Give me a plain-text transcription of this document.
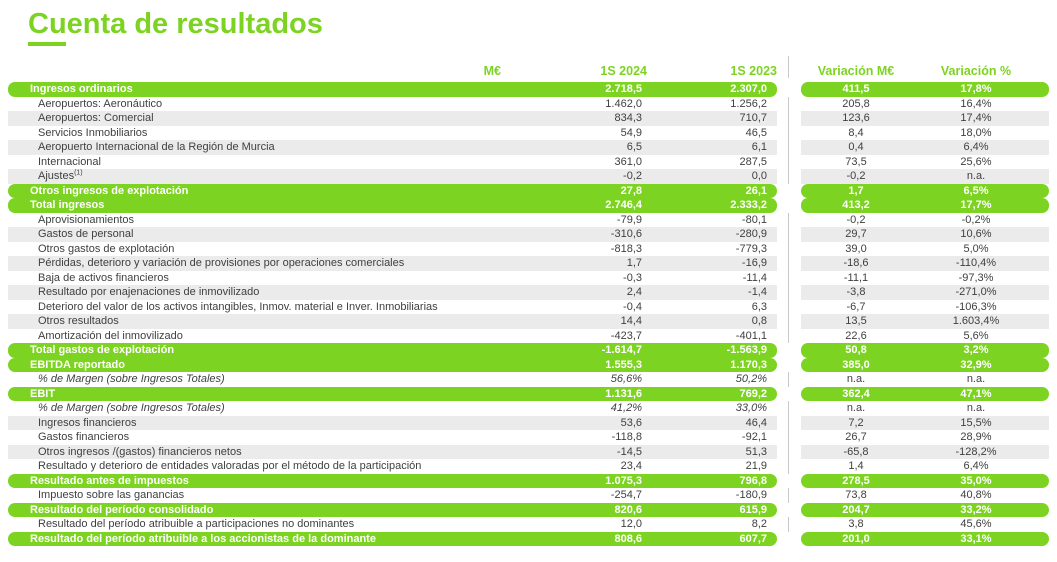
Cuenta de resultados
M€	1S 2024	1S 2023	Variación M€	Variación %
Ingresos ordinarios	2.718,5	2.307,0	411,5	17,8%
Aeropuertos: Aeronáutico	1.462,0	1.256,2	205,8	16,4%
Aeropuertos: Comercial	834,3	710,7	123,6	17,4%
Servicios Inmobiliarios	54,9	46,5	8,4	18,0%
Aeropuerto Internacional de la Región de Murcia	6,5	6,1	0,4	6,4%
Internacional	361,0	287,5	73,5	25,6%
Ajustes$^{(1)}$	-0,2	0,0	-0,2	n.a.
Otros ingresos de explotación	27,8	26,1	1,7	6,5%
Total ingresos	2.746,4	2.333,2	413,2	17,7%
Aprovisionamientos	-79,9	-80,1	-0,2	-0,2%
Gastos de personal	-310,6	-280,9	29,7	10,6%
Otros gastos de explotación	-818,3	-779,3	39,0	5,0%
Pérdidas, deterioro y variación de provisiones por operaciones comerciales	1,7	-16,9	-18,6	-110,4%
Baja de activos financieros	-0,3	-11,4	-11,1	-97,3%
Resultado por enajenaciones de inmovilizado	2,4	-1,4	-3,8	-271,0%
Deterioro del valor de los activos intangibles, Inmov. material e Inver. Inmobiliarias	-0,4	6,3	-6,7	-106,3%
Otros resultados	14,4	0,8	13,5	1.603,4%
Amortización del inmovilizado	-423,7	-401,1	22,6	5,6%
Total gastos de explotación	-1.614,7	-1.563,9	50,8	3,2%
EBITDA reportado	1.555,3	1.170,3	385,0	32,9%
% de Margen (sobre Ingresos Totales)	56,6%	50,2%	n.a.	n.a.
EBIT	1.131,6	769,2	362,4	47,1%
% de Margen (sobre Ingresos Totales)	41,2%	33,0%	n.a.	n.a.
Ingresos financieros	53,6	46,4	7,2	15,5%
Gastos financieros	-118,8	-92,1	26,7	28,9%
Otros ingresos /(gastos) financieros netos	-14,5	51,3	-65,8	-128,2%
Resultado y deterioro de entidades valoradas por el método de la participación	23,4	21,9	1,4	6,4%
Resultado antes de impuestos	1.075,3	796,8	278,5	35,0%
Impuesto sobre las ganancias	-254,7	-180,9	73,8	40,8%
Resultado del período consolidado	820,6	615,9	204,7	33,2%
Resultado del período atribuible a participaciones no dominantes	12,0	8,2	3,8	45,6%
Resultado del período atribuible a los accionistas de la dominante	808,6	607,7	201,0	33,1%
